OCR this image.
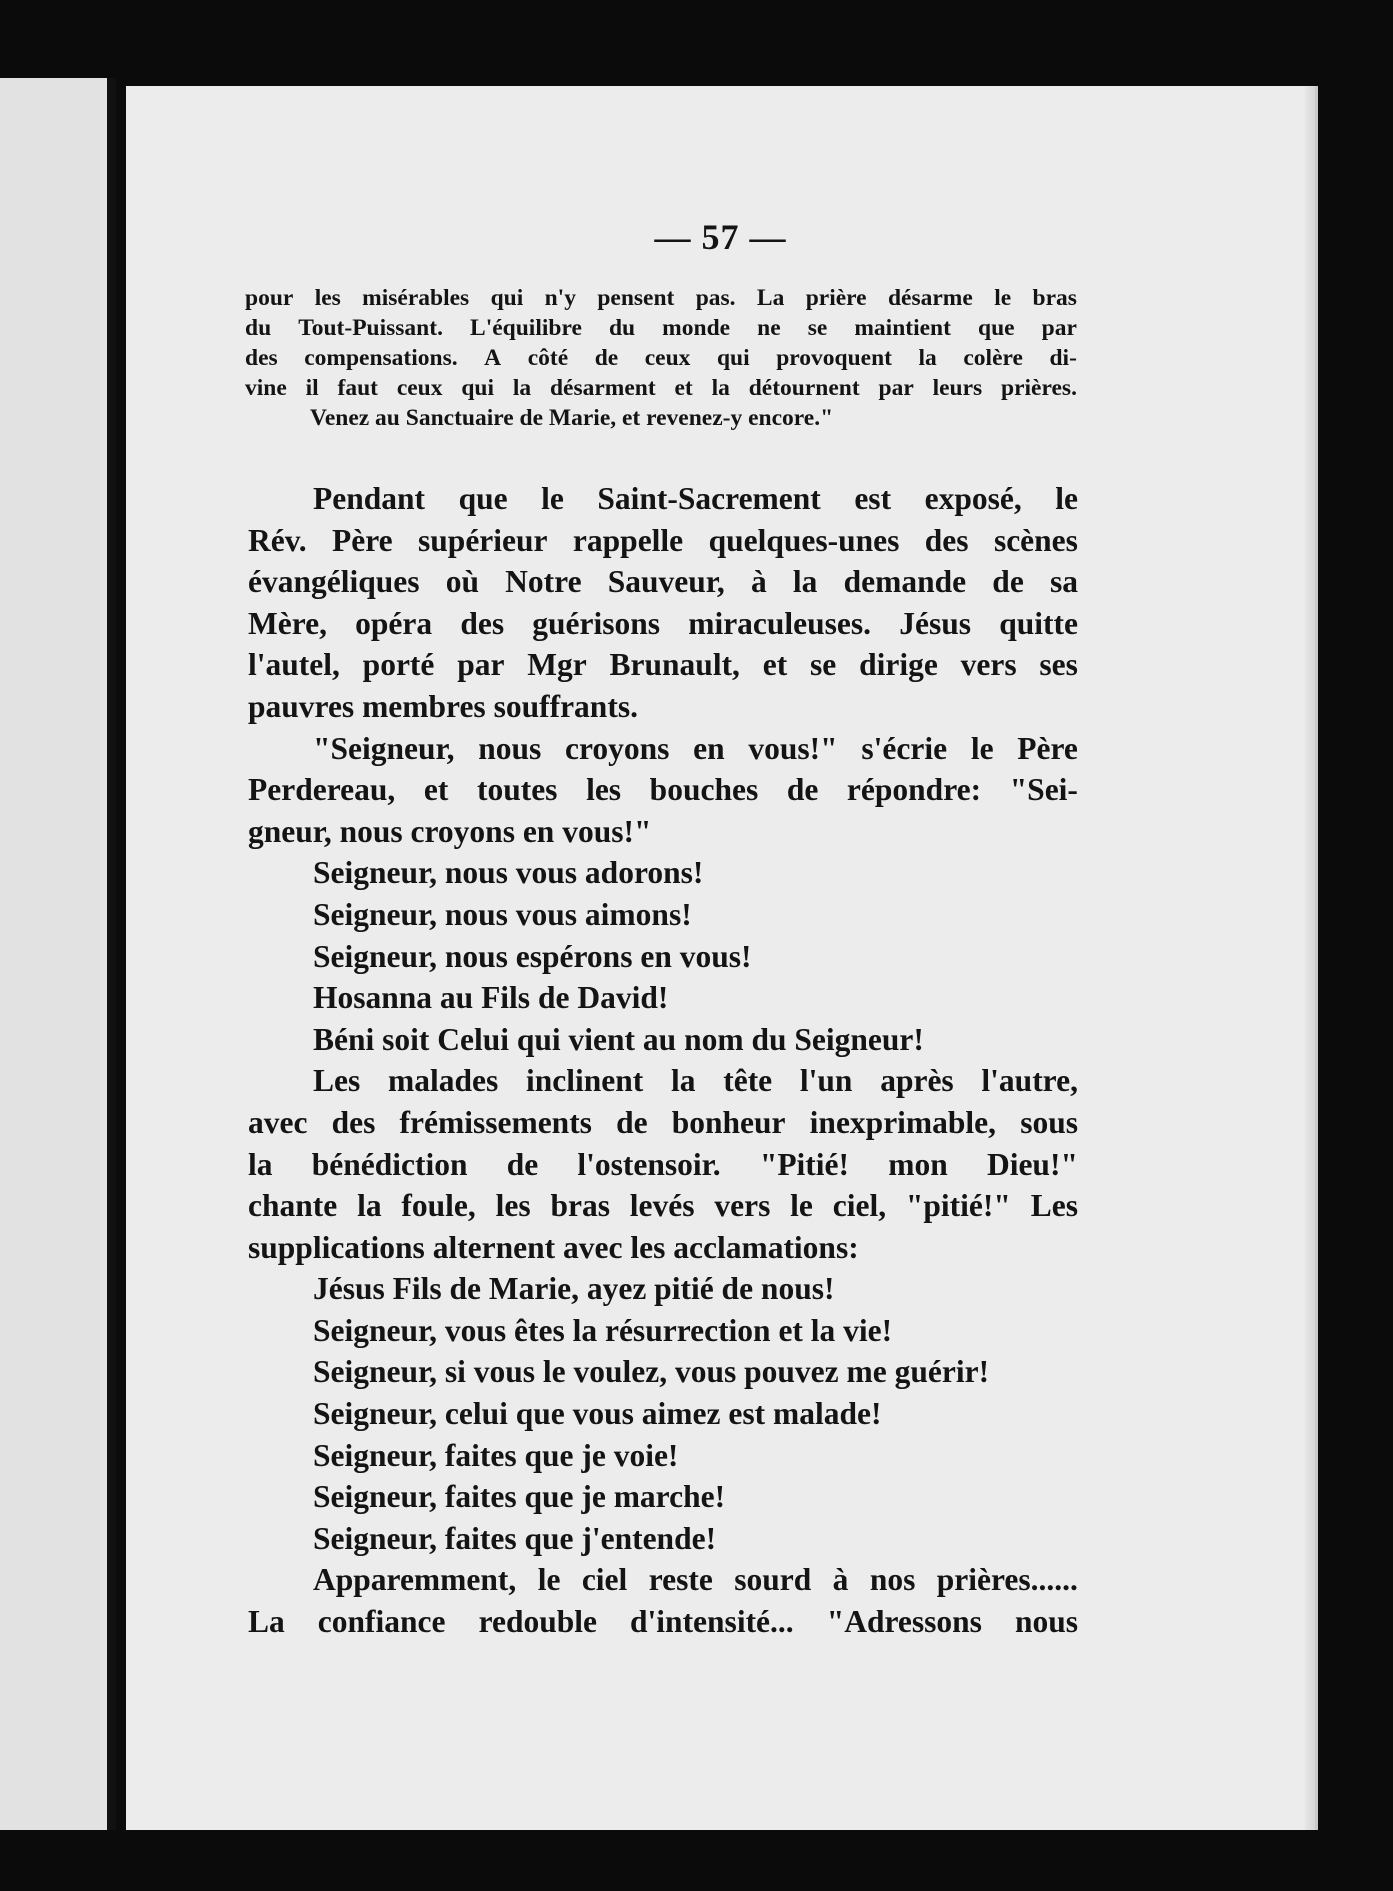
— 57 —
pour les misérables qui n'y pensent pas. La prière désarme le bras
du Tout-Puissant. L'équilibre du monde ne se maintient que par
des compensations. A côté de ceux qui provoquent la colère di-
vine il faut ceux qui la désarment et la détournent par leurs prières.
Venez au Sanctuaire de Marie, et revenez-y encore."
Pendant que le Saint-Sacrement est exposé, le
Rév. Père supérieur rappelle quelques-unes des scènes
évangéliques où Notre Sauveur, à la demande de sa
Mère, opéra des guérisons miraculeuses. Jésus quitte
l'autel, porté par Mgr Brunault, et se dirige vers ses
pauvres membres souffrants.
"Seigneur, nous croyons en vous!" s'écrie le Père
Perdereau, et toutes les bouches de répondre: "Sei-
gneur, nous croyons en vous!"
Seigneur, nous vous adorons!
Seigneur, nous vous aimons!
Seigneur, nous espérons en vous!
Hosanna au Fils de David!
Béni soit Celui qui vient au nom du Seigneur!
Les malades inclinent la tête l'un après l'autre,
avec des frémissements de bonheur inexprimable, sous
la bénédiction de l'ostensoir. "Pitié! mon Dieu!"
chante la foule, les bras levés vers le ciel, "pitié!" Les
supplications alternent avec les acclamations:
Jésus Fils de Marie, ayez pitié de nous!
Seigneur, vous êtes la résurrection et la vie!
Seigneur, si vous le voulez, vous pouvez me guérir!
Seigneur, celui que vous aimez est malade!
Seigneur, faites que je voie!
Seigneur, faites que je marche!
Seigneur, faites que j'entende!
Apparemment, le ciel reste sourd à nos prières......
La confiance redouble d'intensité... "Adressons nous
